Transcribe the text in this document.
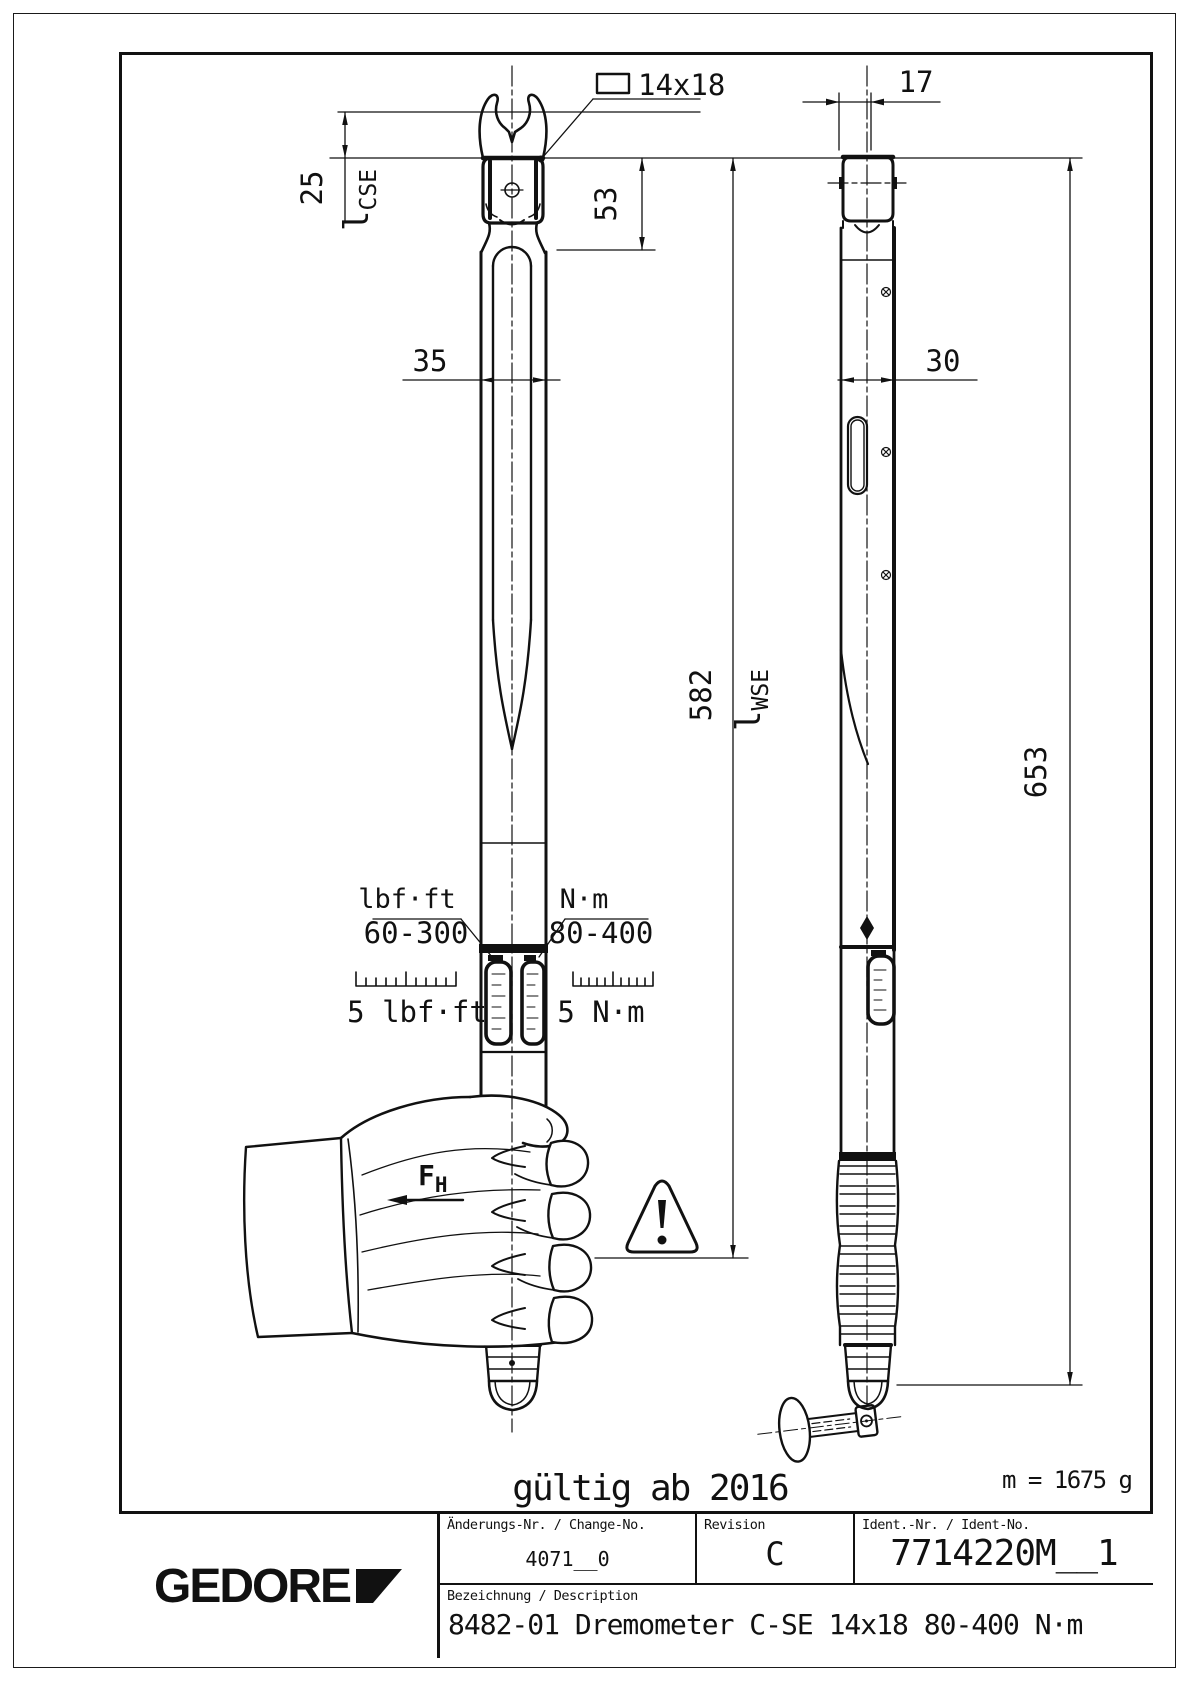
17
14x18
25
$l_{CSE}$	53
35	30
582 $l_{WSE}$
653
lbf·ft
60-300
N·m
80-400
5 lbf·ft 5 N·m
$F_H$
gültig ab 2016	m = 1675 g
GEDORE
Änderungs-Nr. / Change-No.
4071__0
Revision
C
Ident.-Nr. / Ident-No.
7714220M__1
Bezeichnung / Description
8482-01 Dremometer C-SE 14x18 80-400 N·m
